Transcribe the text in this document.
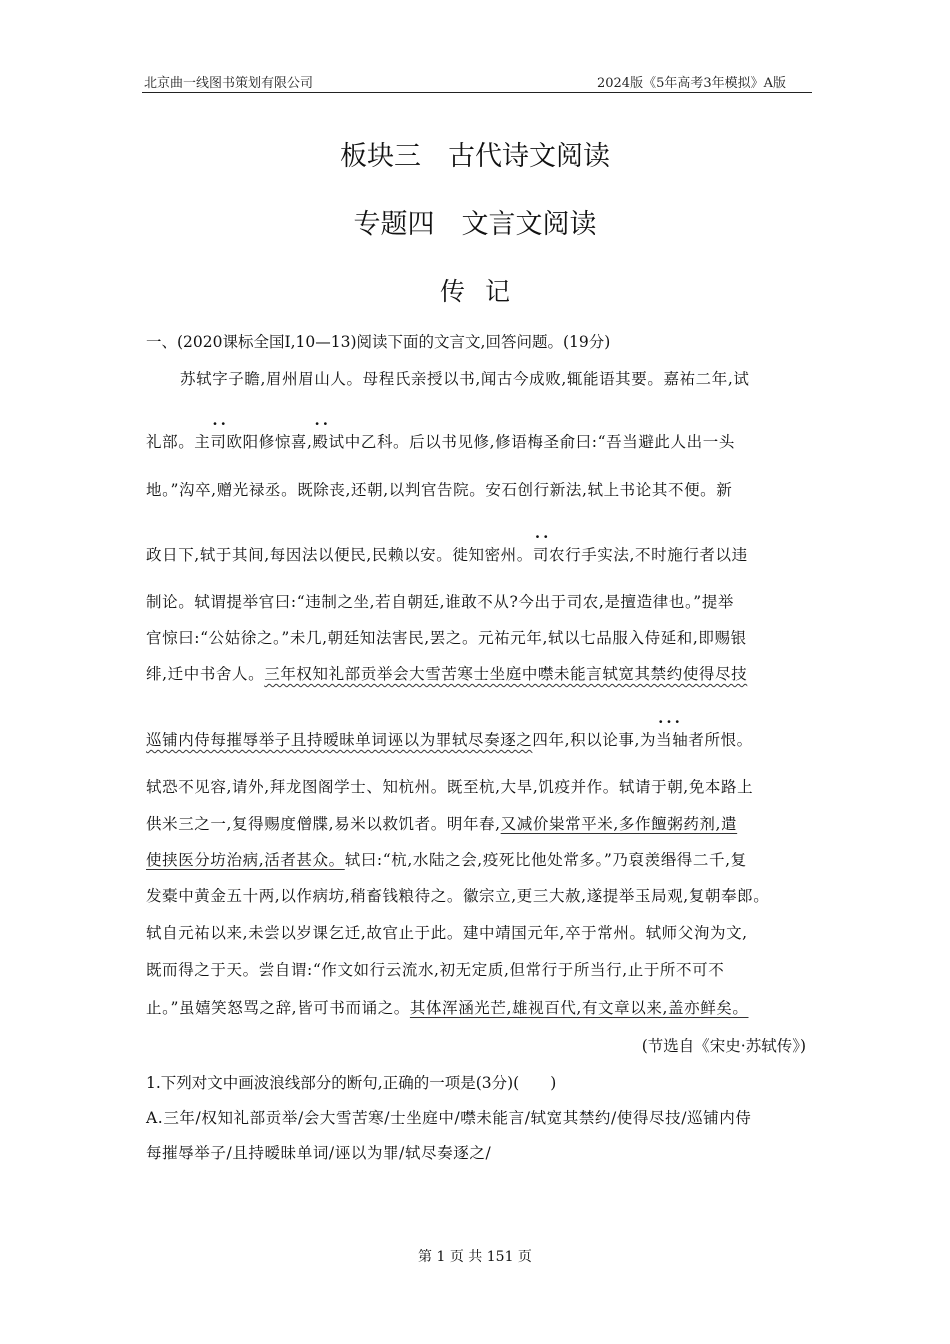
北京曲一线图书策划有限公司	2024版《5年高考3年模拟》A版
板块三　古代诗文阅读
专题四　文言文阅读
传记
一、(2020课标全国Ⅰ,10—13)阅读下面的文言文,回答问题。(19分)
苏轼字子瞻,眉州眉山人。母程氏亲授以书,闻古今成败,辄能语其要。嘉祐二年,试
礼部。主· · 司欧阳修惊喜,· · 殿试中乙科。后以书见修,修语梅圣俞曰:“吾当避此人出一头
地。”沟卒,赠光禄丞。既除丧,还朝,以判官告院。安石创行新法,轼上书论其不便。新
政日下,轼于其间,每因法以便民,民赖以安。徙知密州。· · 司农行手实法,不时施行者以违
制论。轼谓提举官曰:“违制之坐,若自朝廷,谁敢不从?今出于司农,是擅造律也。”提举
官惊曰:“公姑徐之。”未几,朝廷知法害民,罢之。元祐元年,轼以七品服入侍延和,即赐银
绯,迁中书舍人。三年权知礼部贡举会大雪苦寒士坐庭中噤未能言轼宽其禁约使得尽技
巡铺内侍每摧辱举子且持暧昧单词诬以为罪轼尽奏逐之四年,积以论事,为· · · 当轴者所恨。
轼恐不见容,请外,拜龙图阁学士、知杭州。既至杭,大旱,饥疫并作。轼请于朝,免本路上
供米三之一,复得赐度僧牒,易米以救饥者。明年春,又减价粜常平米,多作饘粥药剂,遣
使挟医分坊治病,活者甚众。轼曰:“杭,水陆之会,疫死比他处常多。”乃裒羡缗得二千,复
发橐中黄金五十两,以作病坊,稍畜钱粮待之。徽宗立,更三大赦,遂提举玉局观,复朝奉郎。
轼自元祐以来,未尝以岁课乞迁,故官止于此。建中靖国元年,卒于常州。轼师父洵为文,
既而得之于天。尝自谓:“作文如行云流水,初无定质,但常行于所当行,止于所不可不
止。”虽嬉笑怒骂之辞,皆可书而诵之。其体浑涵光芒,雄视百代,有文章以来,盖亦鲜矣。
(节选自《宋史·苏轼传》)
1.下列对文中画波浪线部分的断句,正确的一项是(3分)(　　)
A.三年/权知礼部贡举/会大雪苦寒/士坐庭中/噤未能言/轼宽其禁约/使得尽技/巡铺内侍
每摧辱举子/且持暧昧单词/诬以为罪/轼尽奏逐之/
第 1 页 共 151 页
